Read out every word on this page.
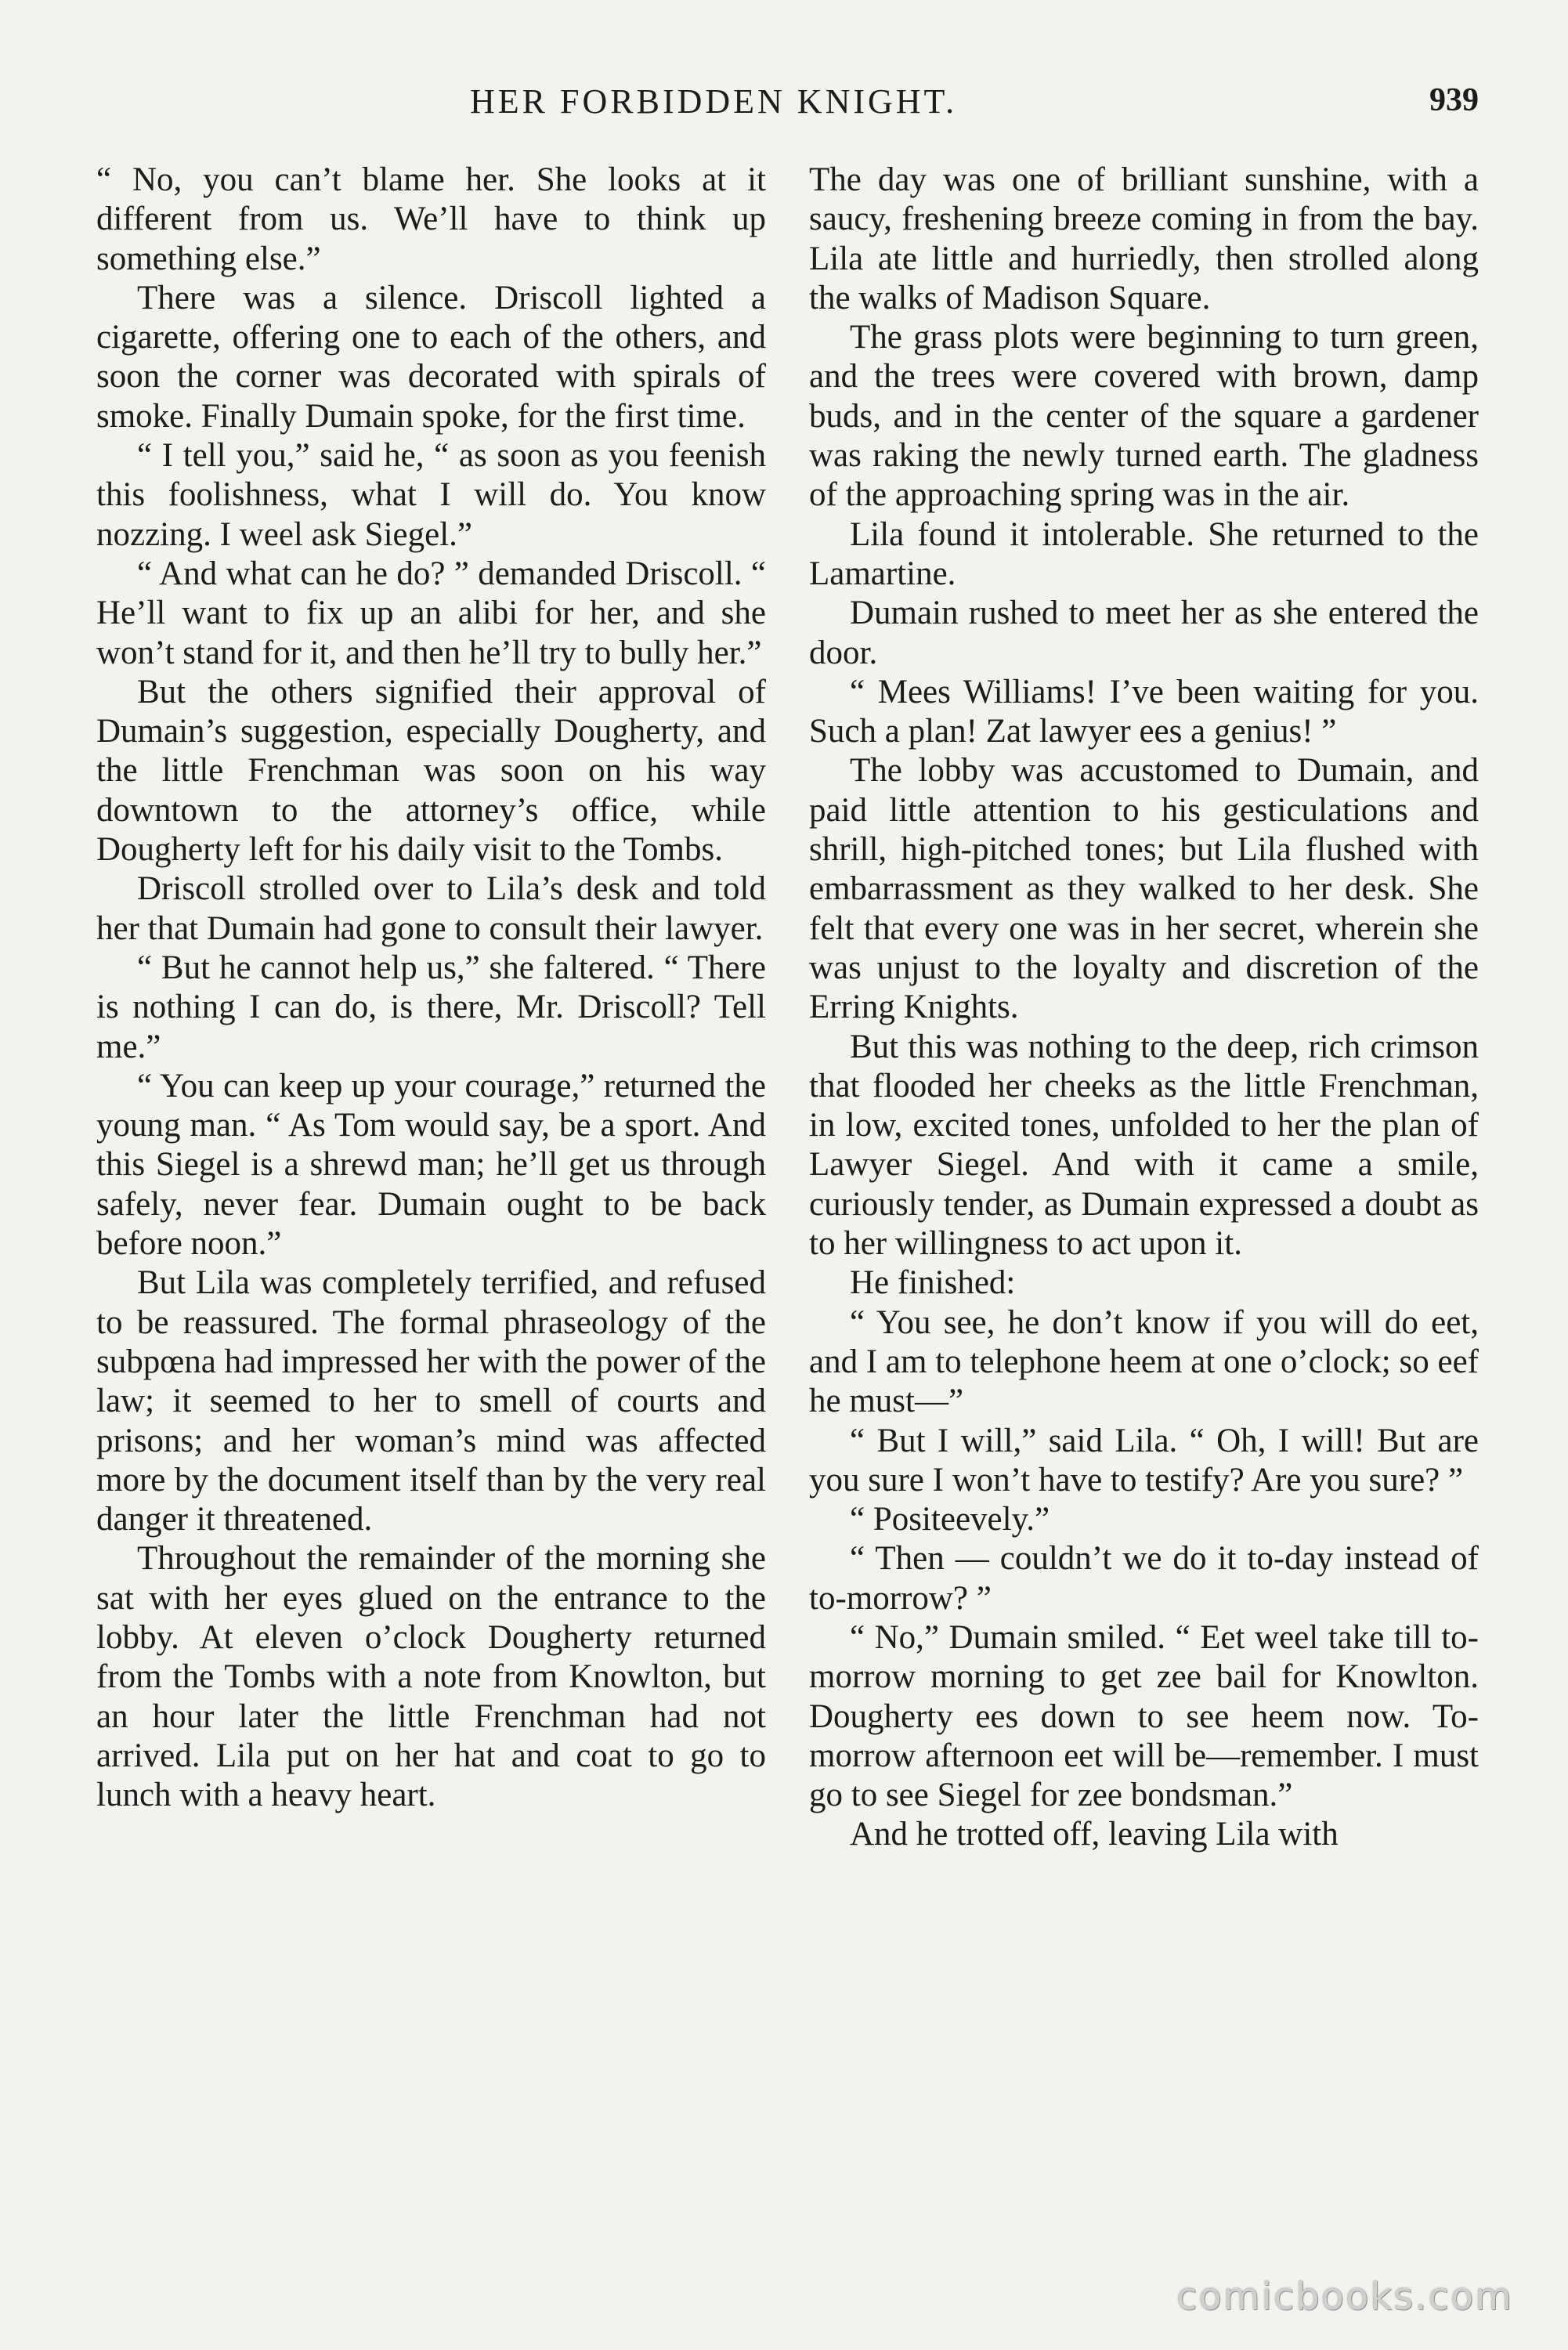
HER FORBIDDEN KNIGHT.	939

“ No, you can’t blame her. She looks at it different from us. We’ll have to think up something else.”

There was a silence. Driscoll lighted a cigarette, offering one to each of the others, and soon the corner was decorated with spirals of smoke. Finally Dumain spoke, for the first time.

“ I tell you,” said he, “ as soon as you feenish this foolishness, what I will do. You know nozzing. I weel ask Siegel.”

“ And what can he do? ” demanded Driscoll. “ He’ll want to fix up an alibi for her, and she won’t stand for it, and then he’ll try to bully her.”

But the others signified their approval of Dumain’s suggestion, especially Dougherty, and the little Frenchman was soon on his way downtown to the attorney’s office, while Dougherty left for his daily visit to the Tombs.

Driscoll strolled over to Lila’s desk and told her that Dumain had gone to consult their lawyer.

“ But he cannot help us,” she faltered. “ There is nothing I can do, is there, Mr. Driscoll? Tell me.”

“ You can keep up your courage,” returned the young man. “ As Tom would say, be a sport. And this Siegel is a shrewd man; he’ll get us through safely, never fear. Dumain ought to be back before noon.”

But Lila was completely terrified, and refused to be reassured. The formal phraseology of the subpœna had impressed her with the power of the law; it seemed to her to smell of courts and prisons; and her woman’s mind was affected more by the document itself than by the very real danger it threatened.

Throughout the remainder of the morning she sat with her eyes glued on the entrance to the lobby. At eleven o’clock Dougherty returned from the Tombs with a note from Knowlton, but an hour later the little Frenchman had not arrived. Lila put on her hat and coat to go to lunch with a heavy heart.

The day was one of brilliant sunshine, with a saucy, freshening breeze coming in from the bay. Lila ate little and hurriedly, then strolled along the walks of Madison Square.

The grass plots were beginning to turn green, and the trees were covered with brown, damp buds, and in the center of the square a gardener was raking the newly turned earth. The gladness of the approaching spring was in the air.

Lila found it intolerable. She returned to the Lamartine.

Dumain rushed to meet her as she entered the door.

“ Mees Williams! I’ve been waiting for you. Such a plan! Zat lawyer ees a genius! ”

The lobby was accustomed to Dumain, and paid little attention to his gesticulations and shrill, high-pitched tones; but Lila flushed with embarrassment as they walked to her desk. She felt that every one was in her secret, wherein she was unjust to the loyalty and discretion of the Erring Knights.

But this was nothing to the deep, rich crimson that flooded her cheeks as the little Frenchman, in low, excited tones, unfolded to her the plan of Lawyer Siegel. And with it came a smile, curiously tender, as Dumain expressed a doubt as to her willingness to act upon it.

He finished:

“ You see, he don’t know if you will do eet, and I am to telephone heem at one o’clock; so eef he must—”

“ But I will,” said Lila. “ Oh, I will! But are you sure I won’t have to testify? Are you sure? ”

“ Positeevely.”

“ Then — couldn’t we do it to-day instead of to-morrow? ”

“ No,” Dumain smiled. “ Eet weel take till to-morrow morning to get zee bail for Knowlton. Dougherty ees down to see heem now. To-morrow afternoon eet will be—remember. I must go to see Siegel for zee bondsman.”

And he trotted off, leaving Lila with

comicbooks.com
